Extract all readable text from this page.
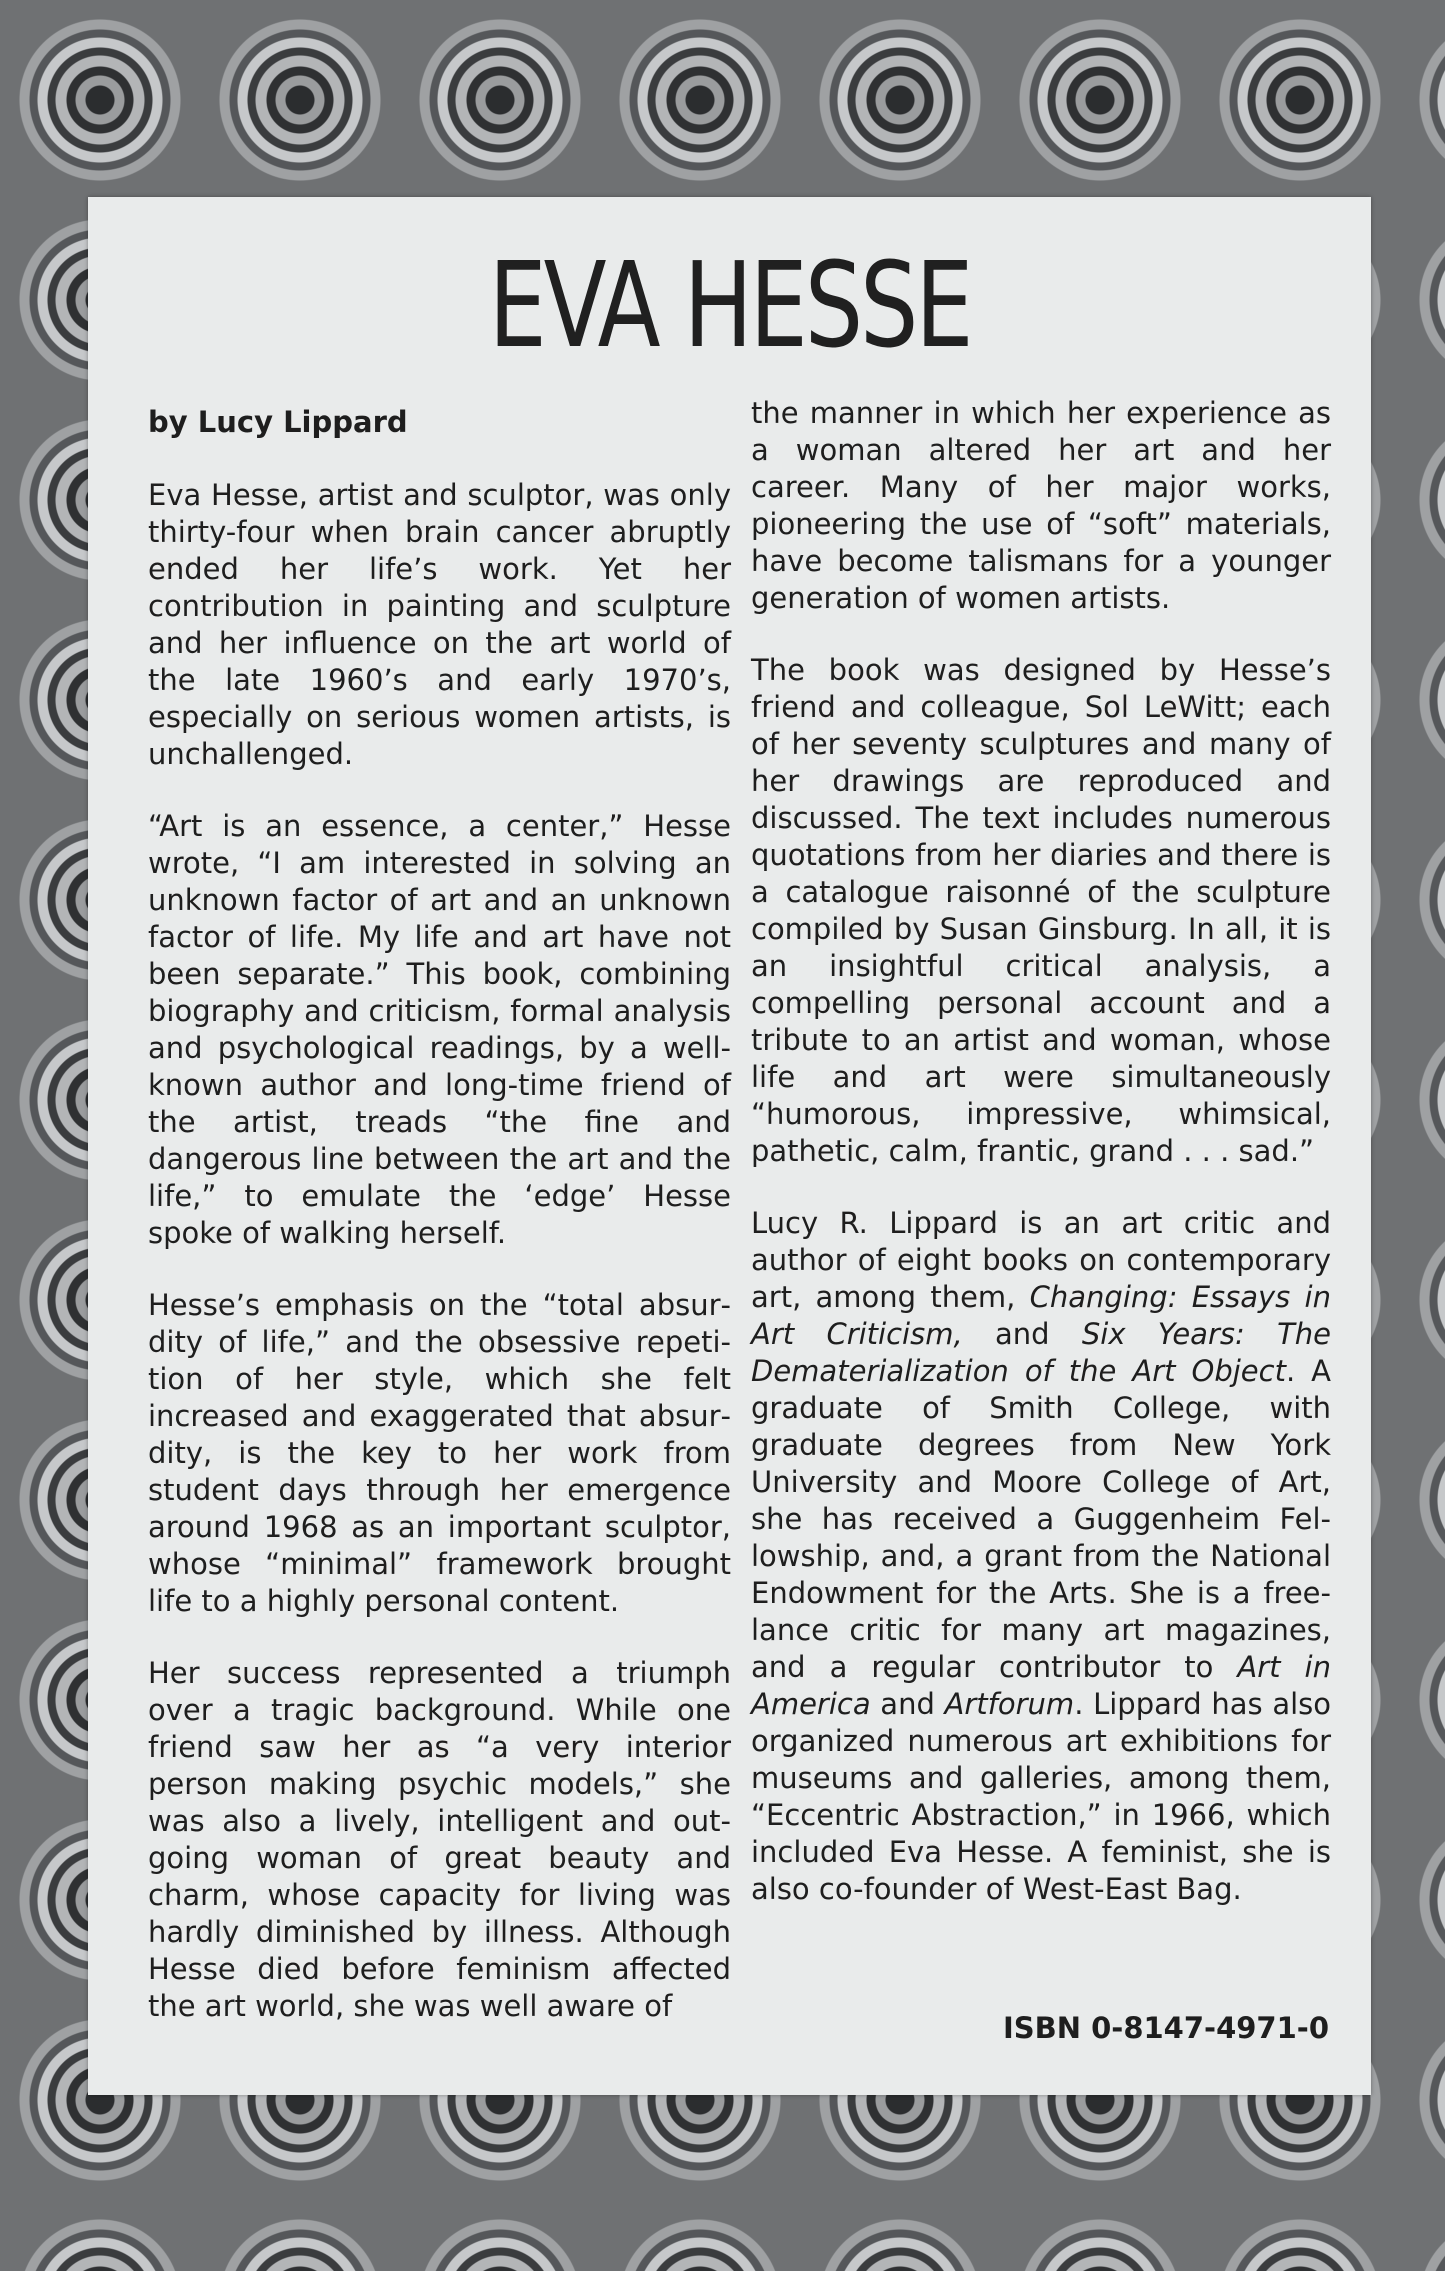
EVA HESSE

by Lucy Lippard

Eva Hesse, artist and sculptor, was only thirty-four when brain cancer abruptly ended her life’s work. Yet her contribution in painting and sculpture and her influence on the art world of the late 1960’s and early 1970’s, especially on serious women artists, is unchallenged.

“Art is an essence, a center,” Hesse wrote, “I am interested in solving an unknown factor of art and an unknown factor of life. My life and art have not been separate.” This book, combining biography and criticism, formal analysis and psychological readings, by a well-known author and long-time friend of the artist, treads “the fine and dangerous line between the art and the life,” to emulate the ‘edge’ Hesse spoke of walking herself.

Hesse’s emphasis on the “total absurdity of life,” and the obsessive repetition of her style, which she felt increased and exaggerated that absurdity, is the key to her work from student days through her emergence around 1968 as an important sculptor, whose “minimal” framework brought life to a highly personal content.

Her success represented a triumph over a tragic background. While one friend saw her as “a very interior person making psychic models,” she was also a lively, intelligent and outgoing woman of great beauty and charm, whose capacity for living was hardly diminished by illness. Although Hesse died before feminism affected the art world, she was well aware of

the manner in which her experience as a woman altered her art and her career. Many of her major works, pioneering the use of “soft” materials, have become talismans for a younger generation of women artists.

The book was designed by Hesse’s friend and colleague, Sol LeWitt; each of her seventy sculptures and many of her drawings are reproduced and discussed. The text includes numerous quotations from her diaries and there is a catalogue raisonné of the sculpture compiled by Susan Ginsburg. In all, it is an insightful critical analysis, a compelling personal account and a tribute to an artist and woman, whose life and art were simultaneously “humorous, impressive, whimsical, pathetic, calm, frantic, grand . . . sad.”

Lucy R. Lippard is an art critic and author of eight books on contemporary art, among them, Changing: Essays in Art Criticism, and Six Years: The Dematerialization of the Art Object. A graduate of Smith College, with graduate degrees from New York University and Moore College of Art, she has received a Guggenheim Fellowship, and, a grant from the National Endowment for the Arts. She is a freelance critic for many art magazines, and a regular contributor to Art in America and Artforum. Lippard has also organized numerous art exhibitions for museums and galleries, among them, “Eccentric Abstraction,” in 1966, which included Eva Hesse. A feminist, she is also co-founder of West-East Bag.

ISBN 0-8147-4971-0
